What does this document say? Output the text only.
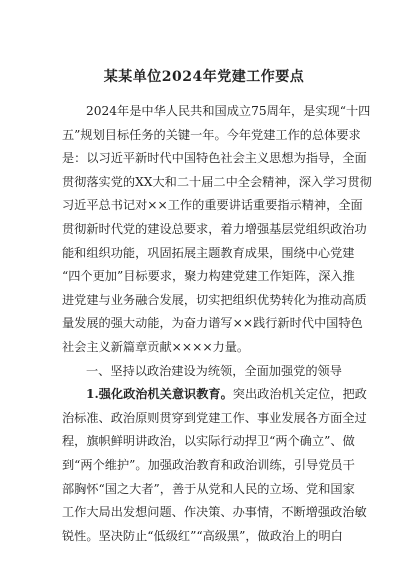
某某单位2024年党建工作要点
2024年是中华人民共和国成立75周年，是实现“十四
五”规划目标任务的关键一年。今年党建工作的总体要求
是：以习近平新时代中国特色社会主义思想为指导，全面
贯彻落实党的XX大和二十届二中全会精神，深入学习贯彻
习近平总书记对××工作的重要讲话重要指示精神，全面
贯彻新时代党的建设总要求，着力增强基层党组织政治功
能和组织功能，巩固拓展主题教育成果，围绕中心党建
“四个更加”目标要求，聚力构建党建工作矩阵，深入推
进党建与业务融合发展，切实把组织优势转化为推动高质
量发展的强大动能，为奋力谱写××践行新时代中国特色
社会主义新篇章贡献××××力量。
一、坚持以政治建设为统领，全面加强党的领导
1.强化政治机关意识教育。突出政治机关定位，把政
治标准、政治原则贯穿到党建工作、事业发展各方面全过
程，旗帜鲜明讲政治，以实际行动捍卫“两个确立”、做
到“两个维护”。加强政治教育和政治训练，引导党员干
部胸怀“国之大者”，善于从党和人民的立场、党和国家
工作大局出发想问题、作决策、办事情，不断增强政治敏
锐性。坚决防止“低级红”“高级黑”，做政治上的明白
